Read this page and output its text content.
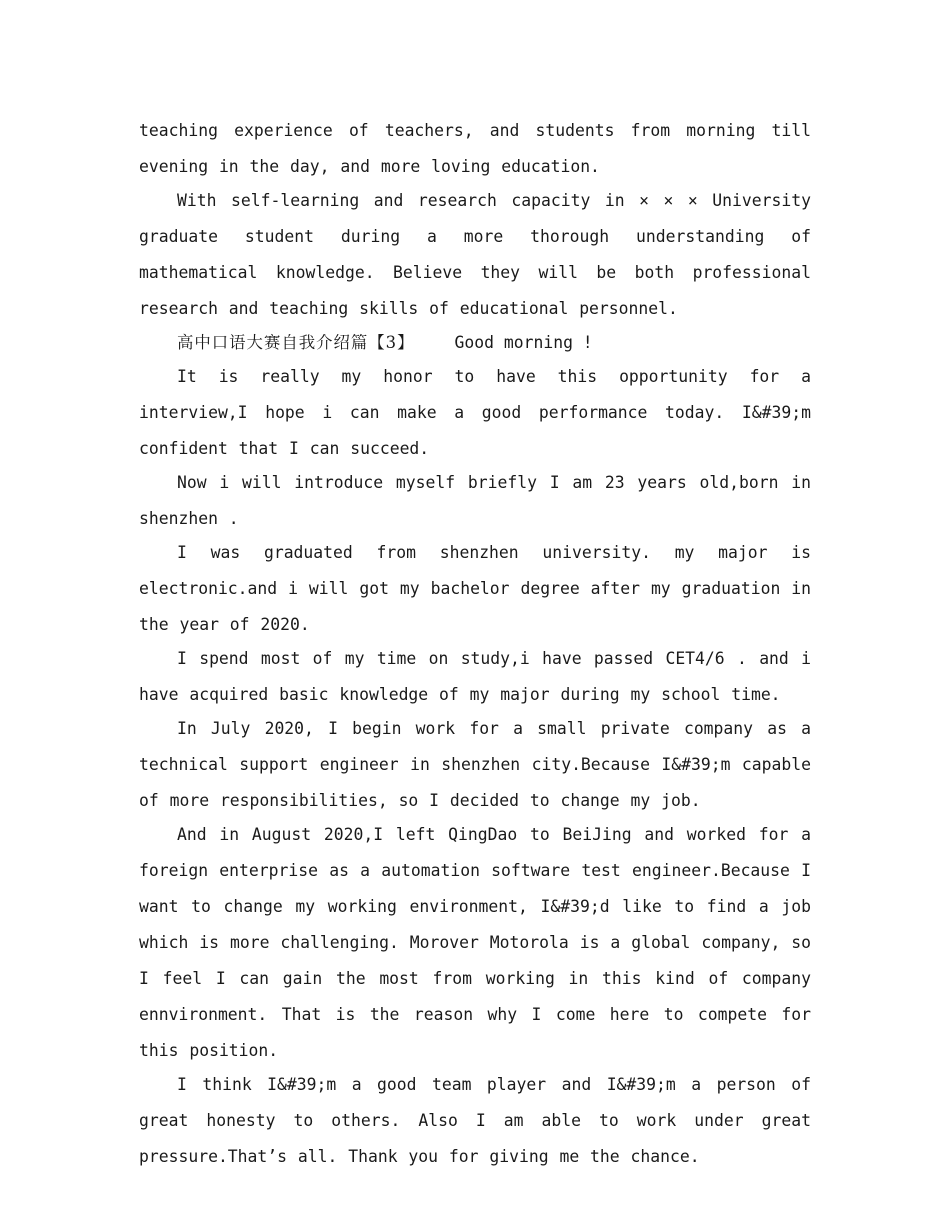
teaching experience of teachers, and students from morning till evening in the day, and more loving education.

With self-learning and research capacity in × × × University graduate student during a more thorough understanding of mathematical knowledge. Believe they will be both professional research and teaching skills of educational personnel.

高中口语大赛自我介绍篇【3】 Good morning !

It is really my honor to have this opportunity for a interview,I hope i can make a good performance today. I&#39;m confident that I can succeed.

Now i will introduce myself briefly I am 23 years old,born in shenzhen .

I was graduated from shenzhen university. my major is electronic.and i will got my bachelor degree after my graduation in the year of 2020.

I spend most of my time on study,i have passed CET4/6 . and i have acquired basic knowledge of my major during my school time.

In July 2020, I begin work for a small private company as a technical support engineer in shenzhen city.Because I&#39;m capable of more responsibilities, so I decided to change my job.

And in August 2020,I left QingDao to BeiJing and worked for a foreign enterprise as a automation software test engineer.Because I want to change my working environment, I&#39;d like to find a job which is more challenging. Morover Motorola is a global company, so I feel I can gain the most from working in this kind of company ennvironment. That is the reason why I come here to compete for this position.

I think I&#39;m a good team player and I&#39;m a person of great honesty to others. Also I am able to work under great pressure.That’s all. Thank you for giving me the chance.
